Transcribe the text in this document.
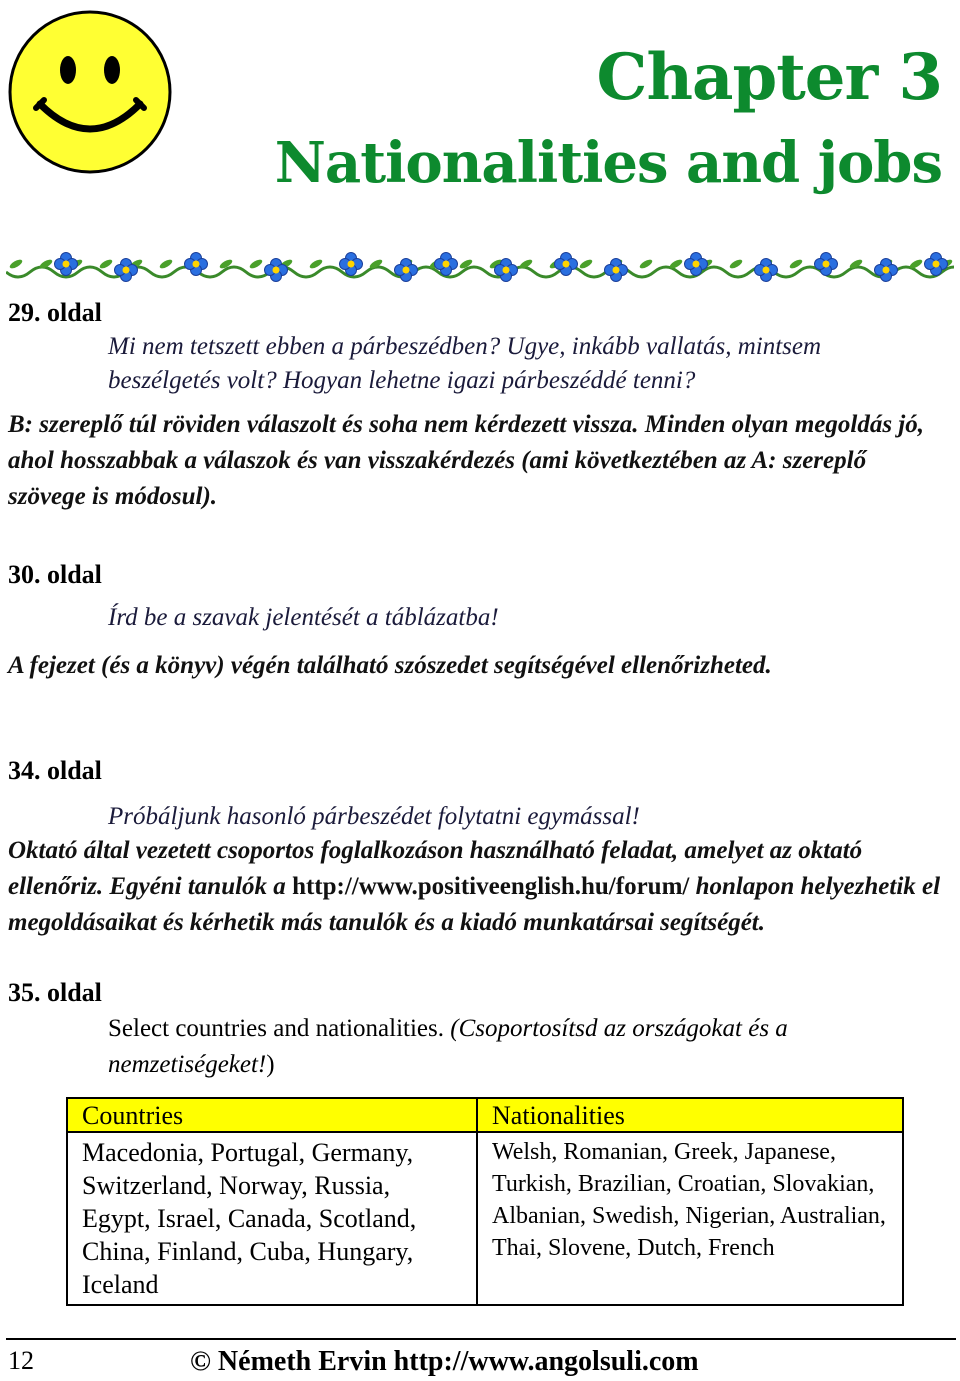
Chapter 3
Nationalities and jobs
29. oldal
Mi nem tetszett ebben a párbeszédben? Ugye, inkább vallatás, mintsem beszélgetés volt? Hogyan lehetne igazi párbeszéddé tenni?
B: szereplő túl röviden válaszolt és soha nem kérdezett vissza. Minden olyan megoldás jó, ahol hosszabbak a válaszok és van visszakérdezés (ami következtében az A: szereplő szövege is módosul).
30. oldal
Írd be a szavak jelentését a táblázatba!
A fejezet (és a könyv) végén található szószedet segítségével ellenőrizheted.
34. oldal
Próbáljunk hasonló párbeszédet folytatni egymással!
Oktató által vezetett csoportos foglalkozáson használható feladat, amelyet az oktató ellenőriz. Egyéni tanulók a http://www.positiveenglish.hu/forum/ honlapon helyezhetik el megoldásaikat és kérhetik más tanulók és a kiadó munkatársai segítségét.
35. oldal
Select countries and nationalities. (Csoportosítsd az országokat és a nemzetiségeket!)
Countries	Nationalities
Macedonia, Portugal, Germany, Switzerland, Norway, Russia, Egypt, Israel, Canada, Scotland, China, Finland, Cuba, Hungary, Iceland	Welsh, Romanian, Greek, Japanese, Turkish, Brazilian, Croatian, Slovakian, Albanian, Swedish, Nigerian, Australian, Thai, Slovene, Dutch, French
12	© Németh Ervin http://www.angolsuli.com
